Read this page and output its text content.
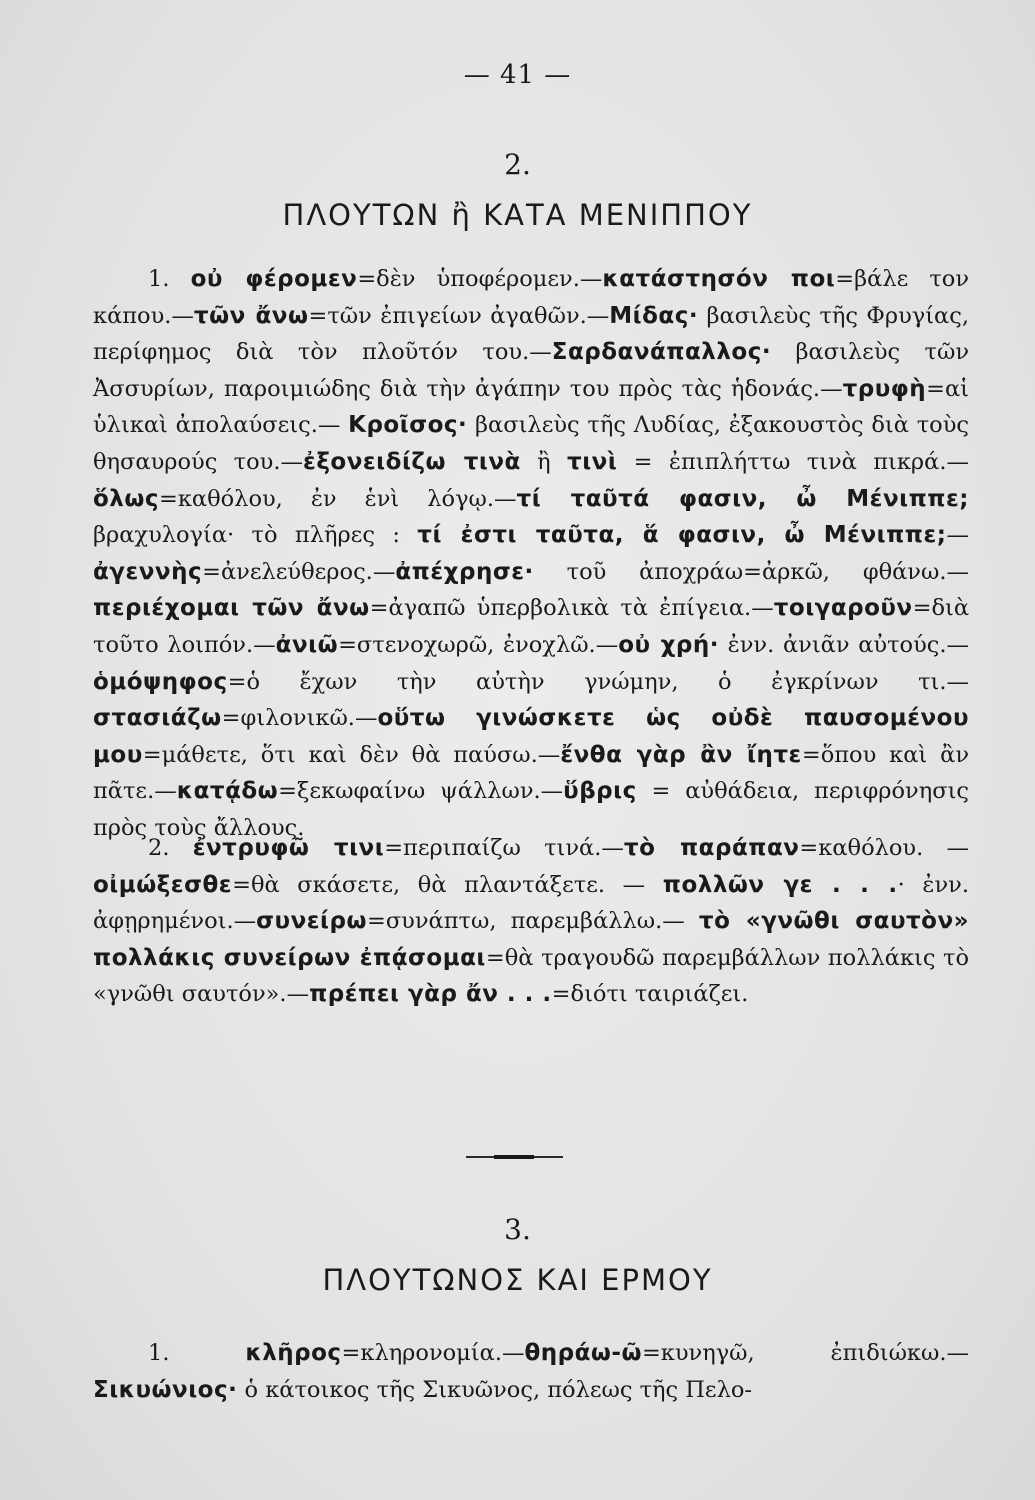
— 41 —
2.
ΠΛΟΥΤΩΝ ἢ ΚΑΤΑ ΜΕΝΙΠΠΟΥ

1. οὐ φέρομεν=δὲν ὑποφέρομεν.—κατάστησόν ποι=βάλε τον κάπου.—τῶν ἄνω=τῶν ἐπιγείων ἀγαθῶν.—Μίδας· βασιλεὺς τῆς Φρυγίας, περίφημος διὰ τὸν πλοῦτόν του.—Σαρδανάπαλλος· βασιλεὺς τῶν Ἀσσυρίων, παροιμιώδης διὰ τὴν ἀγάπην του πρὸς τὰς ἡδονάς.—τρυφὴ=αἱ ὑλικαὶ ἀπολαύσεις.— Κροῖσος· βασιλεὺς τῆς Λυδίας, ἐξακουστὸς διὰ τοὺς θησαυρούς του.—ἐξονειδίζω τινὰ ἢ τινὶ = ἐπιπλήττω τινὰ πικρά.—ὅλως=καθόλου, ἐν ἑνὶ λόγῳ.—τί ταῦτά φασιν, ὦ Μένιππε; βραχυλογία· τὸ πλῆρες : τί ἐστι ταῦτα, ἅ φασιν, ὦ Μένιππε;—ἀγεννὴς=ἀνελεύθερος.—ἀπέχρησε· τοῦ ἀποχράω=ἀρκῶ, φθάνω.—περιέχομαι τῶν ἄνω=ἀγαπῶ ὑπερβολικὰ τὰ ἐπίγεια.—τοιγαροῦν=διὰ τοῦτο λοιπόν.—ἀνιῶ=στενοχωρῶ, ἐνοχλῶ.—οὐ χρή· ἐνν. ἀνιᾶν αὐτούς.—ὁμόψηφος=ὁ ἔχων τὴν αὐτὴν γνώμην, ὁ ἐγκρίνων τι.—στασιάζω=φιλονικῶ.—οὕτω γινώσκετε ὡς οὐδὲ παυσομένου μου=μάθετε, ὅτι καὶ δὲν θὰ παύσω.—ἔνθα γὰρ ἂν ἴητε=ὅπου καὶ ἂν πᾶτε.—κατᾴδω=ξεκωφαίνω ψάλλων.—ὕβρις = αὐθάδεια, περιφρόνησις πρὸς τοὺς ἄλλους.

2. ἐντρυφῶ τινι=περιπαίζω τινά.—τὸ παράπαν=καθόλου. — οἰμώξεσθε=θὰ σκάσετε, θὰ πλαντάξετε. — πολλῶν γε . . .· ἐνν. ἀφῃρημένοι.—συνείρω=συνάπτω, παρεμβάλλω.— τὸ «γνῶθι σαυτὸν» πολλάκις συνείρων ἐπᾴσομαι=θὰ τραγουδῶ παρεμβάλλων πολλάκις τὸ «γνῶθι σαυτόν».—πρέπει γὰρ ἄν . . .=διότι ταιριάζει.

3.
ΠΛΟΥΤΩΝΟΣ ΚΑΙ ΕΡΜΟΥ

1. κλῆρος=κληρονομία.—θηράω-ῶ=κυνηγῶ, ἐπιδιώκω.— Σικυώνιος· ὁ κάτοικος τῆς Σικυῶνος, πόλεως τῆς Πελο-
